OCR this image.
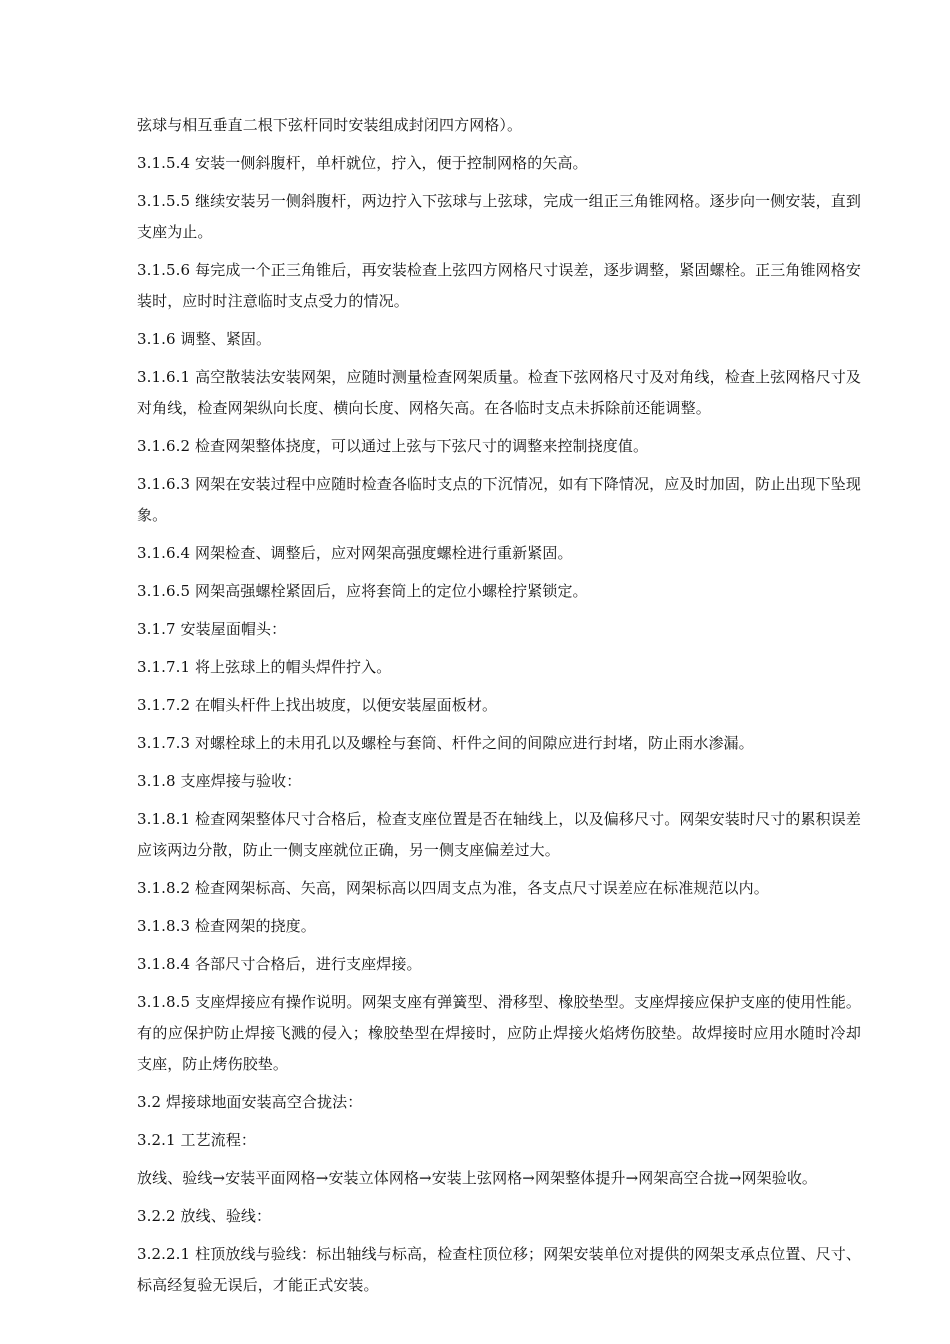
弦球与相互垂直二根下弦杆同时安装组成封闭四方网格）。

3.1.5.4 安装一侧斜腹杆，单杆就位，拧入，便于控制网格的矢高。

3.1.5.5 继续安装另一侧斜腹杆，两边拧入下弦球与上弦球，完成一组正三角锥网格。逐步向一侧安装，直到支座为止。

3.1.5.6 每完成一个正三角锥后，再安装检查上弦四方网格尺寸误差，逐步调整，紧固螺栓。正三角锥网格安装时，应时时注意临时支点受力的情况。

3.1.6 调整、紧固。

3.1.6.1 高空散装法安装网架，应随时测量检查网架质量。检查下弦网格尺寸及对角线，检查上弦网格尺寸及对角线，检查网架纵向长度、横向长度、网格矢高。在各临时支点未拆除前还能调整。

3.1.6.2 检查网架整体挠度，可以通过上弦与下弦尺寸的调整来控制挠度值。

3.1.6.3 网架在安装过程中应随时检查各临时支点的下沉情况，如有下降情况，应及时加固，防止出现下坠现象。

3.1.6.4 网架检查、调整后，应对网架高强度螺栓进行重新紧固。

3.1.6.5 网架高强螺栓紧固后，应将套筒上的定位小螺栓拧紧锁定。

3.1.7 安装屋面帽头：

3.1.7.1 将上弦球上的帽头焊件拧入。

3.1.7.2 在帽头杆件上找出坡度，以便安装屋面板材。

3.1.7.3 对螺栓球上的未用孔以及螺栓与套筒、杆件之间的间隙应进行封堵，防止雨水渗漏。

3.1.8 支座焊接与验收：

3.1.8.1 检查网架整体尺寸合格后，检查支座位置是否在轴线上，以及偏移尺寸。网架安装时尺寸的累积误差应该两边分散，防止一侧支座就位正确，另一侧支座偏差过大。

3.1.8.2 检查网架标高、矢高，网架标高以四周支点为准，各支点尺寸误差应在标准规范以内。

3.1.8.3 检查网架的挠度。

3.1.8.4 各部尺寸合格后，进行支座焊接。

3.1.8.5 支座焊接应有操作说明。网架支座有弹簧型、滑移型、橡胶垫型。支座焊接应保护支座的使用性能。有的应保护防止焊接飞溅的侵入；橡胶垫型在焊接时，应防止焊接火焰烤伤胶垫。故焊接时应用水随时冷却支座，防止烤伤胶垫。

3.2 焊接球地面安装高空合拢法：

3.2.1 工艺流程：

放线、验线→安装平面网格→安装立体网格→安装上弦网格→网架整体提升→网架高空合拢→网架验收。

3.2.2 放线、验线：

3.2.2.1 柱顶放线与验线：标出轴线与标高，检查柱顶位移；网架安装单位对提供的网架支承点位置、尺寸、标高经复验无误后，才能正式安装。
